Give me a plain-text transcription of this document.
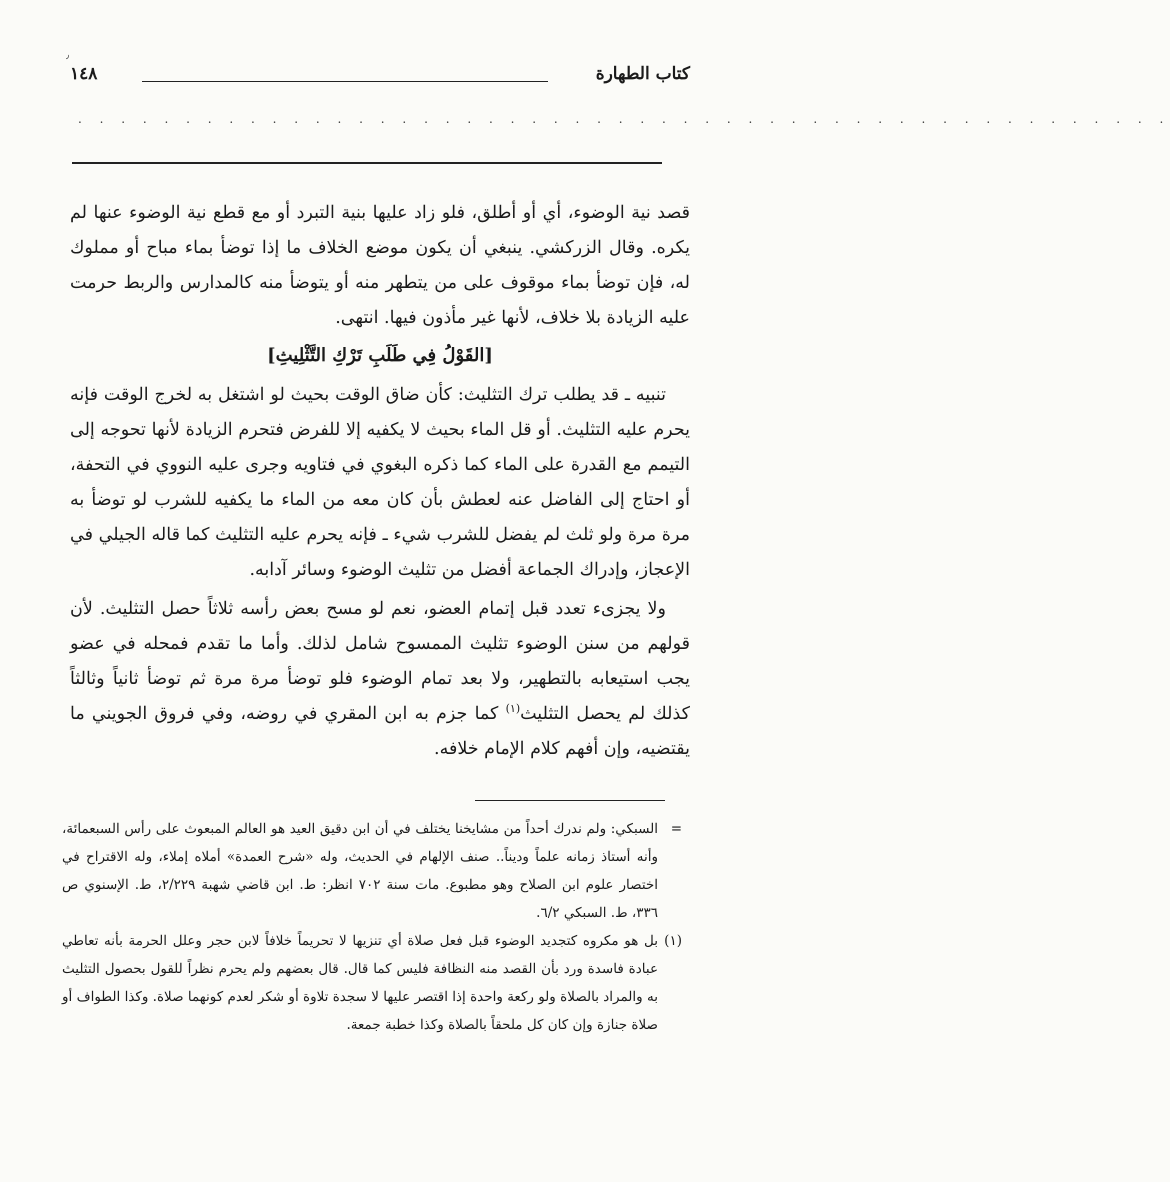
٫
كتاب الطهارة
١٤٨
. . . . . . . . . . . . . . . . . . . . . . . . . . . . . . . . . . . . . . . . . . . . . . . . . . .

قصد نية الوضوء، أي أو أطلق، فلو زاد عليها بنية التبرد أو مع قطع نية الوضوء عنها لم يكره. وقال الزركشي. ينبغي أن يكون موضع الخلاف ما إذا توضأ بماء مباح أو مملوك له، فإن توضأ بماء موقوف على من يتطهر منه أو يتوضأ منه كالمدارس والربط حرمت عليه الزيادة بلا خلاف، لأنها غير مأذون فيها. انتهى.

[القَوْلُ فِي طَلَبِ تَرْكِ التَّثْلِيثِ]

تنبيه ـ قد يطلب ترك التثليث: كأن ضاق الوقت بحيث لو اشتغل به لخرج الوقت فإنه يحرم عليه التثليث. أو قل الماء بحيث لا يكفيه إلا للفرض فتحرم الزيادة لأنها تحوجه إلى التيمم مع القدرة على الماء كما ذكره البغوي في فتاويه وجرى عليه النووي في التحفة، أو احتاج إلى الفاضل عنه لعطش بأن كان معه من الماء ما يكفيه للشرب لو توضأ به مرة مرة ولو ثلث لم يفضل للشرب شيء ـ فإنه يحرم عليه التثليث كما قاله الجيلي في الإعجاز، وإدراك الجماعة أفضل من تثليث الوضوء وسائر آدابه.

ولا يجزىء تعدد قبل إتمام العضو، نعم لو مسح بعض رأسه ثلاثاً حصل التثليث. لأن قولهم من سنن الوضوء تثليث الممسوح شامل لذلك. وأما ما تقدم فمحله في عضو يجب استيعابه بالتطهير، ولا بعد تمام الوضوء فلو توضأ مرة مرة ثم توضأ ثانياً وثالثاً كذلك لم يحصل التثليث$^{(١)}$ كما جزم به ابن المقري في روضه، وفي فروق الجويني ما يقتضيه، وإن أفهم كلام الإمام خلافه.

=
السبكي: ولم ندرك أحداً من مشايخنا يختلف في أن ابن دقيق العيد هو العالم المبعوث على رأس السبعمائة، وأنه أستاذ زمانه علماً وديناً.. صنف الإلهام في الحديث، وله «شرح العمدة» أملاه إملاء، وله الاقتراح في اختصار علوم ابن الصلاح وهو مطبوع. مات سنة ٧٠٢ انظر: ط. ابن قاضي شهبة ٢/٢٢٩، ط. الإسنوي ص ٣٣٦، ط. السبكي ٦/٢.

(١)
بل هو مكروه كتجديد الوضوء قبل فعل صلاة أي تنزيها لا تحريماً خلافاً لابن حجر وعلل الحرمة بأنه تعاطي عبادة فاسدة ورد بأن القصد منه النظافة فليس كما قال. قال بعضهم ولم يحرم نظراً للقول بحصول التثليث به والمراد بالصلاة ولو ركعة واحدة إذا اقتصر عليها لا سجدة تلاوة أو شكر لعدم كونهما صلاة. وكذا الطواف أو صلاة جنازة وإن كان كل ملحقاً بالصلاة وكذا خطبة جمعة.
